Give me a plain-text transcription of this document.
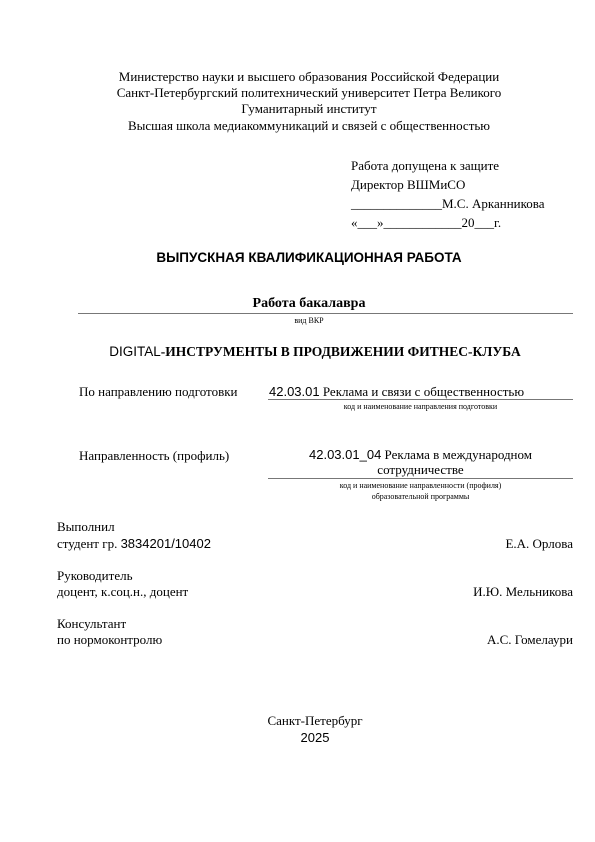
Министерство науки и высшего образования Российской Федерации
Санкт-Петербургский политехнический университет Петра Великого
Гуманитарный институт
Высшая школа медиакоммуникаций и связей с общественностью
Работа допущена к защите
Директор ВШМиСО
______________М.С. Арканникова
«___»____________20___г.
ВЫПУСКНАЯ КВАЛИФИКАЦИОННАЯ РАБОТА
Работа бакалавра
вид ВКР
DIGITAL-ИНСТРУМЕНТЫ В ПРОДВИЖЕНИИ ФИТНЕС-КЛУБА
По направлению подготовки 42.03.01 Реклама и связи с общественностью
код и наименование направления подготовки
Направленность (профиль)	42.03.01_04 Реклама в международном
сотрудничестве
код и наименование направленности (профиля)
образовательной программы
Выполнил
студент гр. 3834201/10402	Е.А. Орлова
Руководитель
доцент, к.соц.н., доцент	И.Ю. Мельникова
Консультант
по нормоконтролю	А.С. Гомелаури
Санкт-Петербург
2025
